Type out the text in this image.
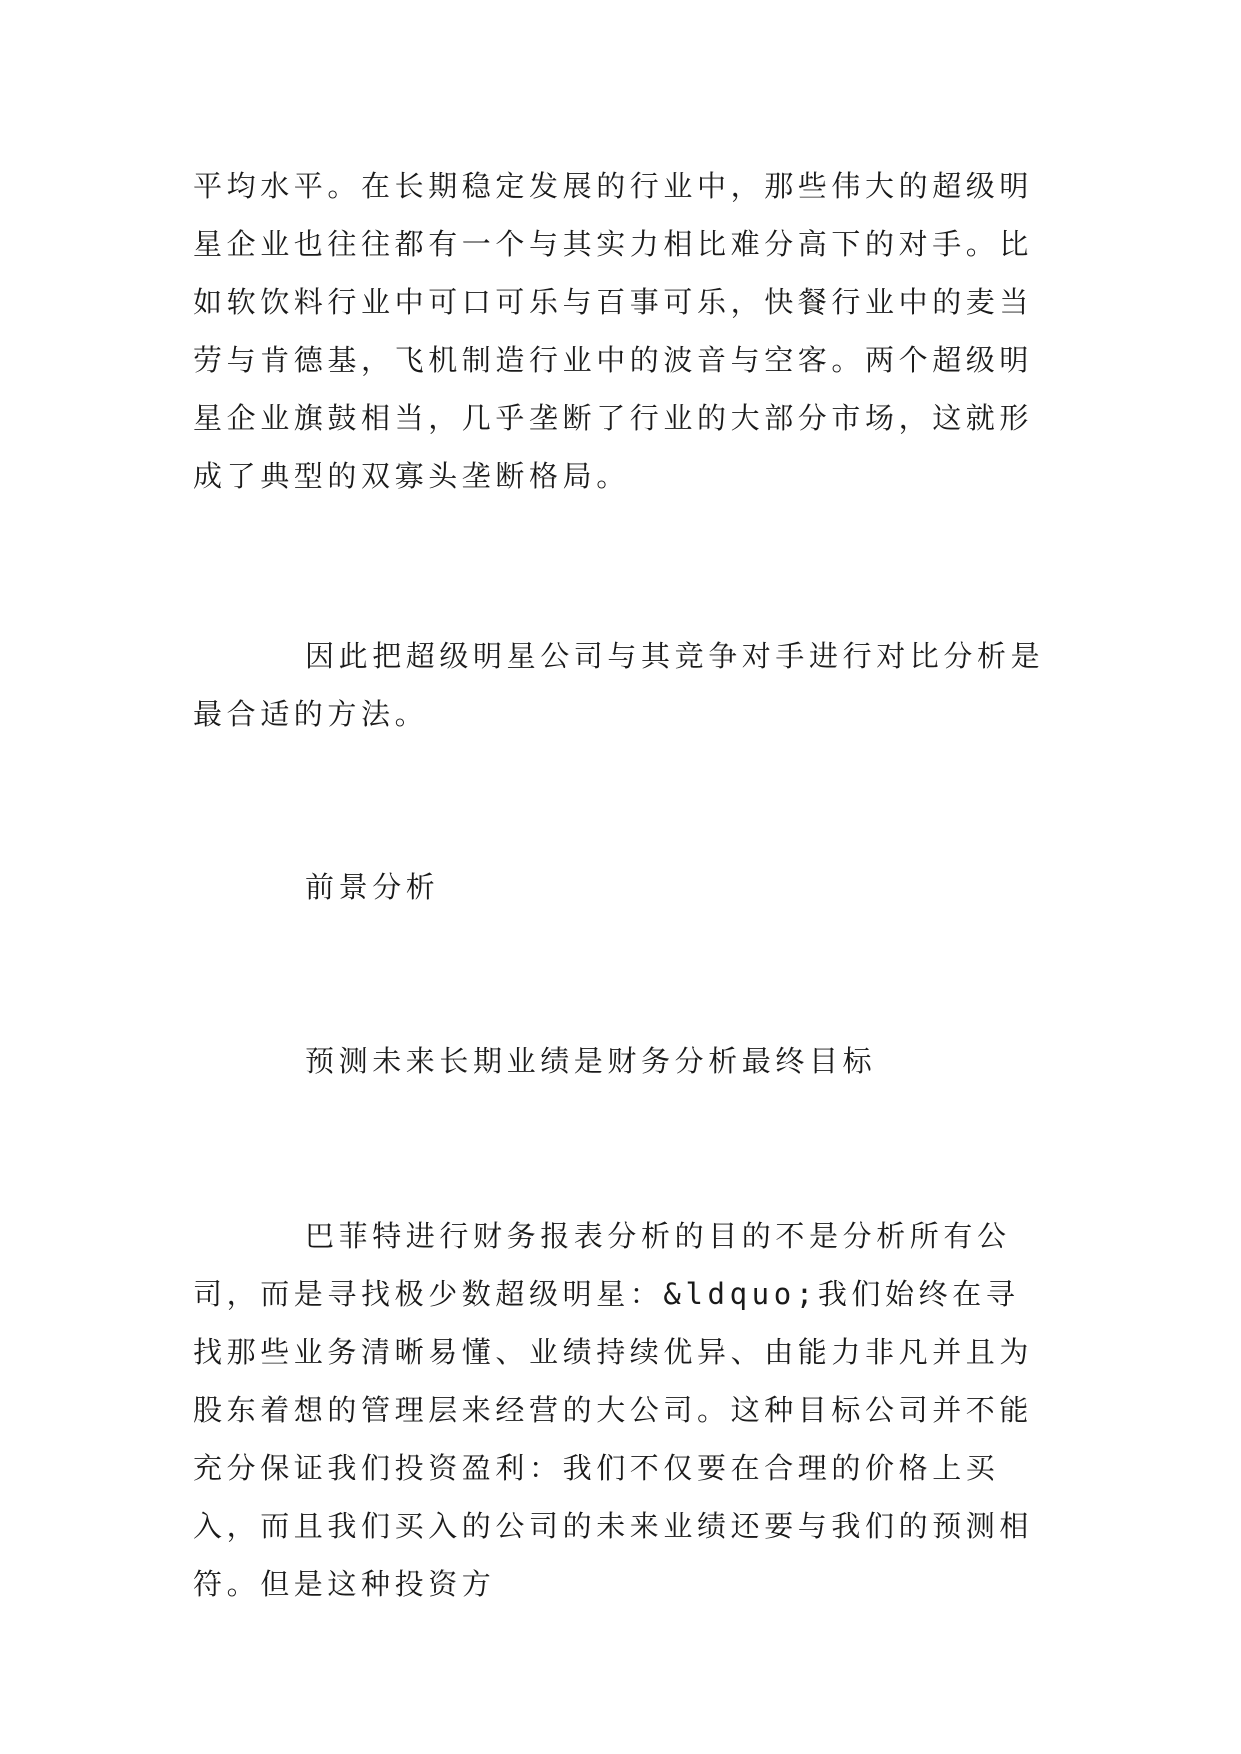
平均水平。在长期稳定发展的行业中，那些伟大的超级明星企业也往往都有一个与其实力相比难分高下的对手。比如软饮料行业中可口可乐与百事可乐，快餐行业中的麦当劳与肯德基，飞机制造行业中的波音与空客。两个超级明星企业旗鼓相当，几乎垄断了行业的大部分市场，这就形成了典型的双寡头垄断格局。

因此把超级明星公司与其竞争对手进行对比分析是最合适的方法。

前景分析

预测未来长期业绩是财务分析最终目标

巴菲特进行财务报表分析的目的不是分析所有公司，而是寻找极少数超级明星：&ldquo;我们始终在寻找那些业务清晰易懂、业绩持续优异、由能力非凡并且为股东着想的管理层来经营的大公司。这种目标公司并不能充分保证我们投资盈利：我们不仅要在合理的价格上买入，而且我们买入的公司的未来业绩还要与我们的预测相符。但是这种投资方
